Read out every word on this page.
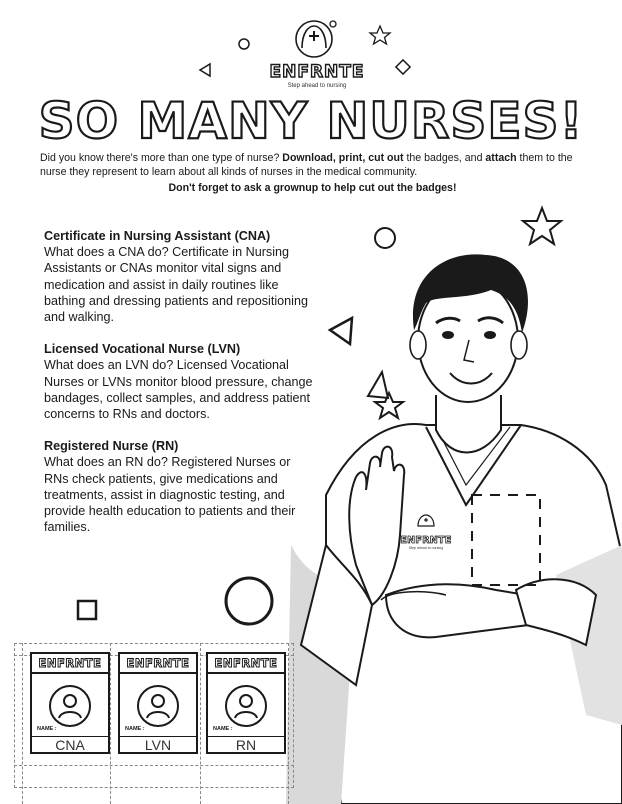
ENFRNTE
Step ahead to nursing
ENFRNTE
Step ahead to nursing
SO MANY NURSES!
Did you know there's more than one type of nurse? Download, print, cut out the badges, and attach them to the nurse they represent to learn about all kinds of nurses in the medical community.
Don't forget to ask a grownup to help cut out the badges!
Certificate in Nursing Assistant (CNA)

What does a CNA do? Certificate in Nursing Assistants or CNAs monitor vital signs and medication and assist in daily routines like bathing and dressing patients and repositioning and walking.

Licensed Vocational Nurse (LVN)

What does an LVN do? Licensed Vocational Nurses or LVNs monitor blood pressure, change bandages, collect samples, and address patient concerns to RNs and doctors.

Registered Nurse (RN)

What does an RN do? Registered Nurses or RNs check patients, give medications and treatments, assist in diagnostic testing, and provide health education to patients and their families.

ENFRNTE
NAME :
CNA
ENFRNTE
NAME :
LVN
ENFRNTE
NAME :
RN
